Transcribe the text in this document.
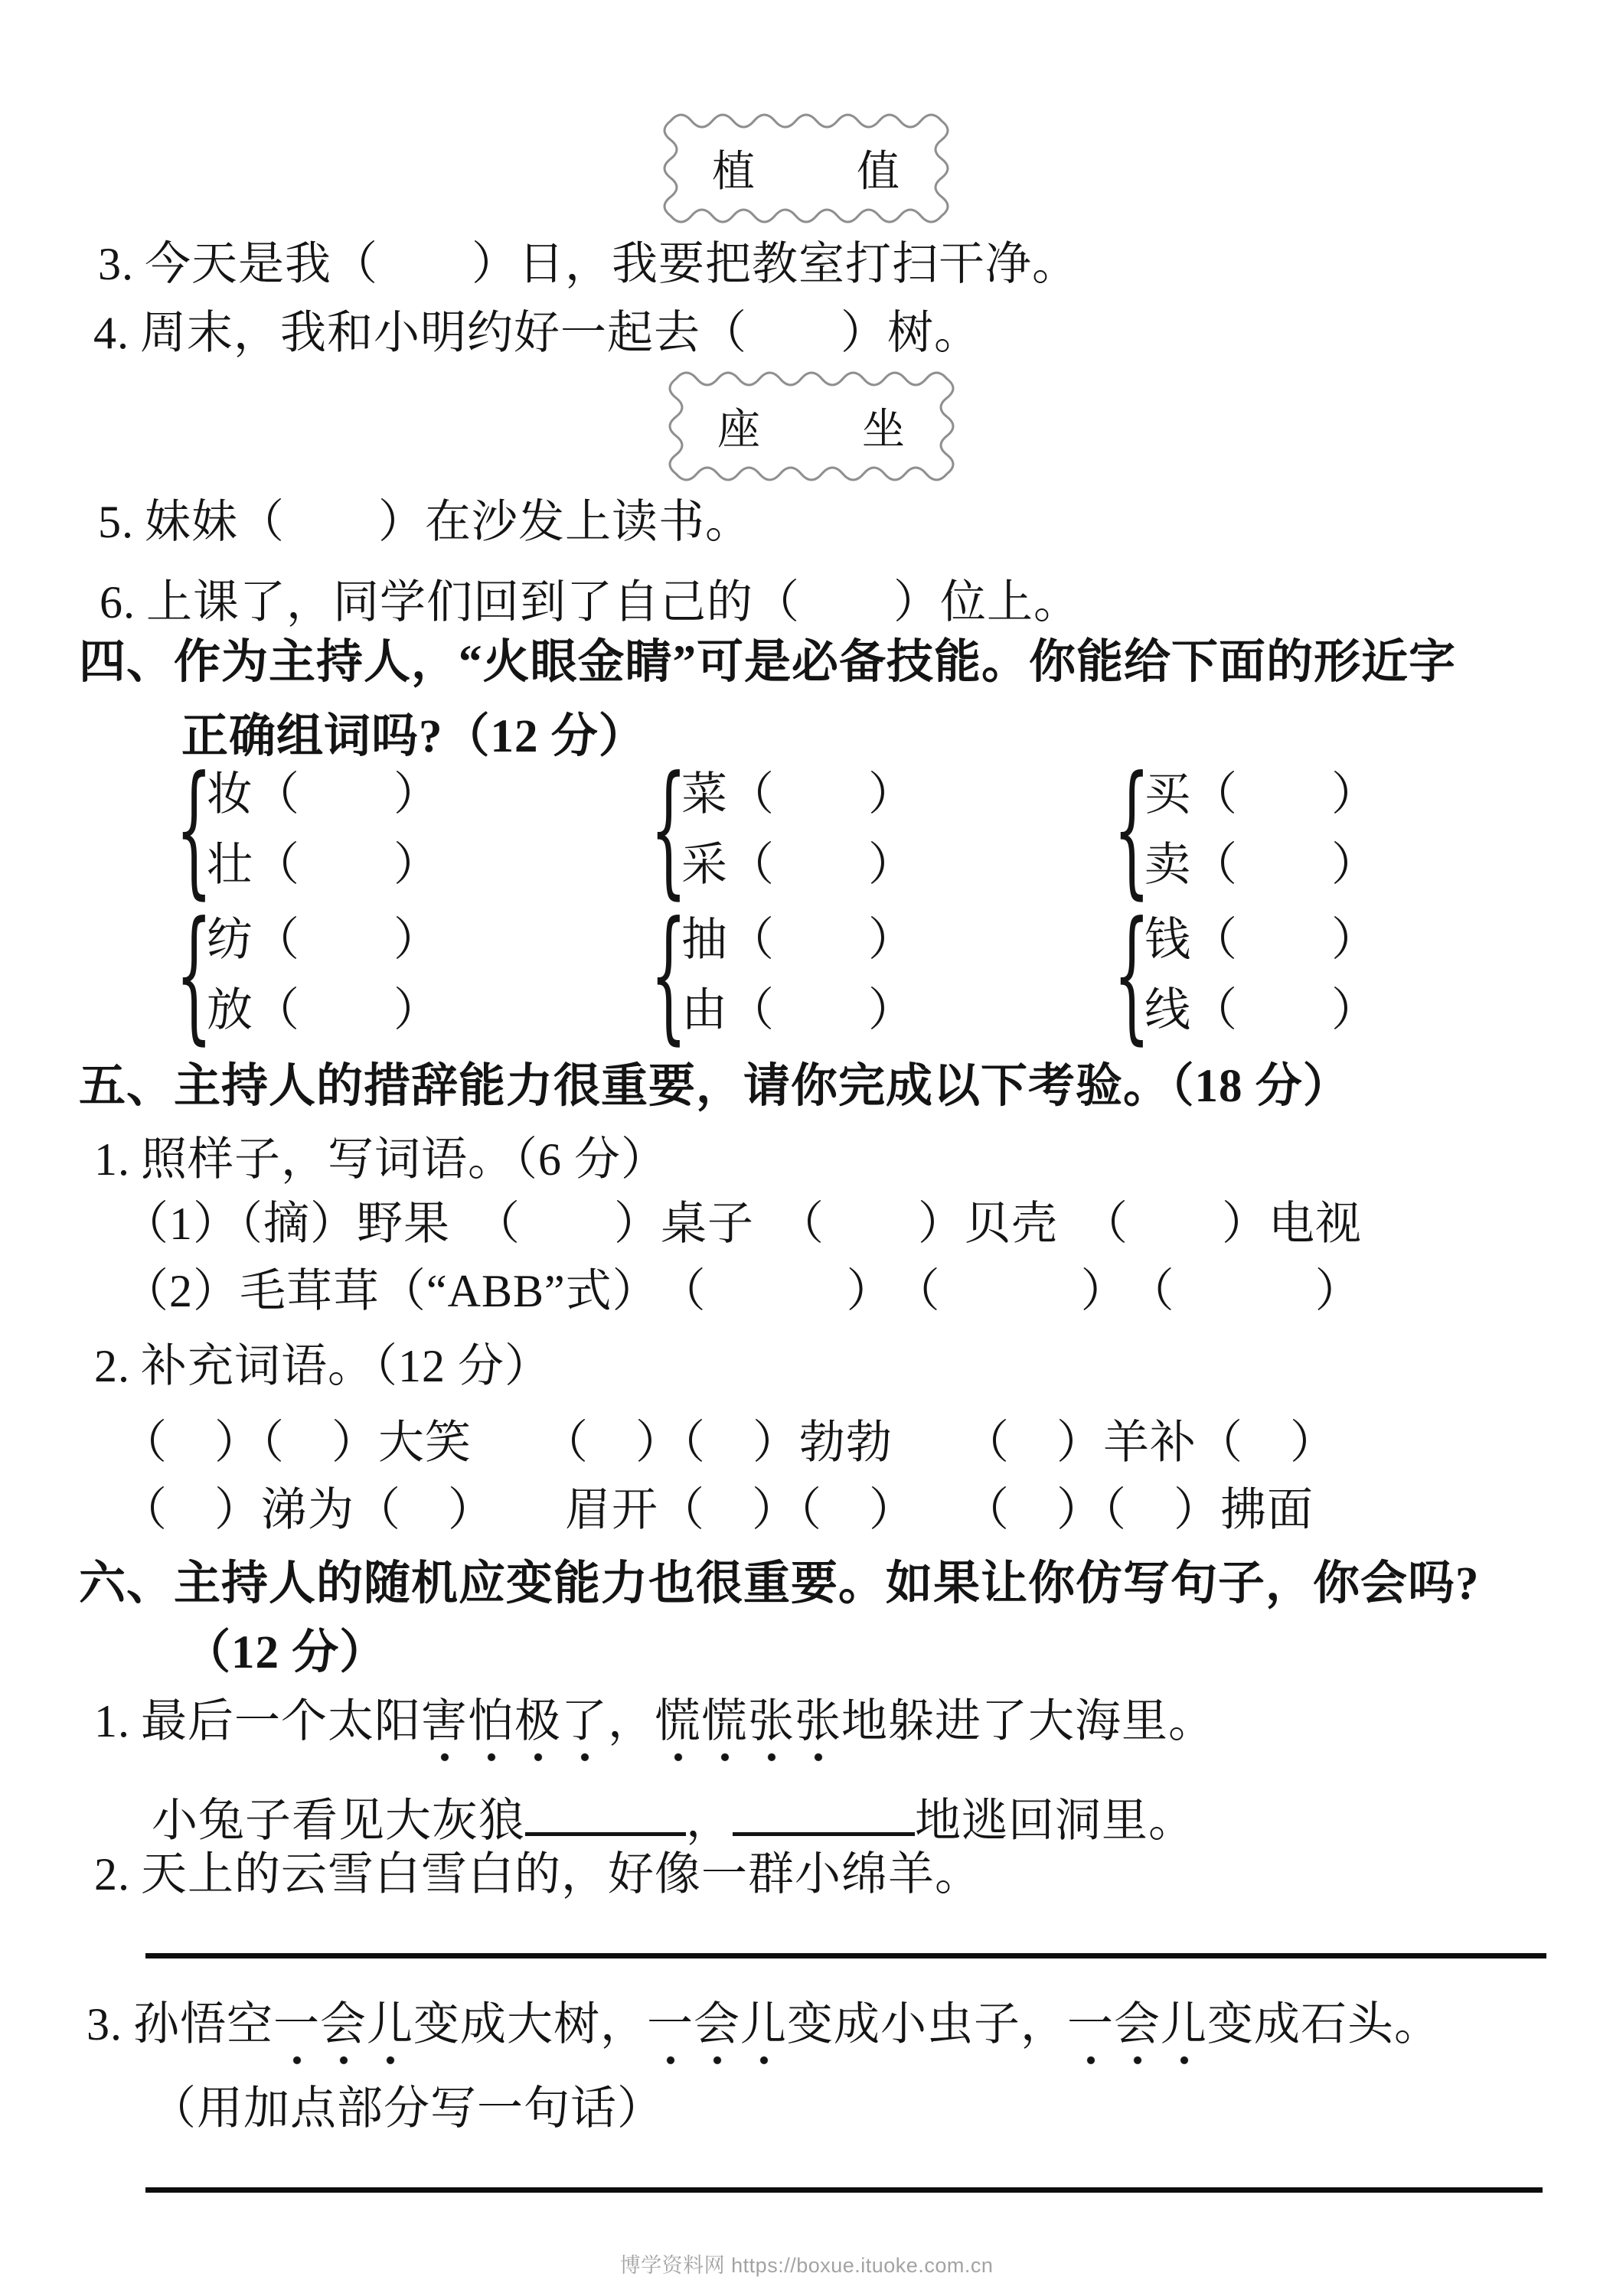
植 值
3. 今天是我（　　）日，我要把教室打扫干净。
4. 周末，我和小明约好一起去（　　）树。
座 坐
5. 妹妹（　　）在沙发上读书。
6. 上课了，同学们回到了自己的（　　）位上。
四、作为主持人，“火眼金睛”可是必备技能。你能给下面的形近字
正确组词吗?（12 分）
{
妆（　　）
壮（　　） {
菜（　　）
采（　　） {
买（　　）
卖（　　）
{
纺（　　）
放（　　） {
抽（　　）
由（　　） {
钱（　　）
线（　　）
五、主持人的措辞能力很重要，请你完成以下考验。（18 分）
1. 照样子，写词语。（6 分）
（1）（摘）野果　（　　）桌子　（　　）贝壳　（　　）电视
（2）毛茸茸（“ABB”式）　（　　　）　（　　　）　（　　　）
2. 补充词语。（12 分）
（　）（　）大笑　　（　）（　）勃勃　　（　）羊补（　）
（　）涕为（　）　　眉开（　）（　）　　（　）（　）拂面
六、主持人的随机应变能力也很重要。如果让你仿写句子，你会吗?
（12 分）
1. 最后一个太阳害怕极了，慌慌张张地躲进了大海里。
小兔子看见大灰狼	，	地逃回洞里。
2. 天上的云雪白雪白的，好像一群小绵羊。
3. 孙悟空一会儿变成大树，一会儿变成小虫子，一会儿变成石头。
（用加点部分写一句话）
博学资料网 https://boxue.ituoke.com.cn
